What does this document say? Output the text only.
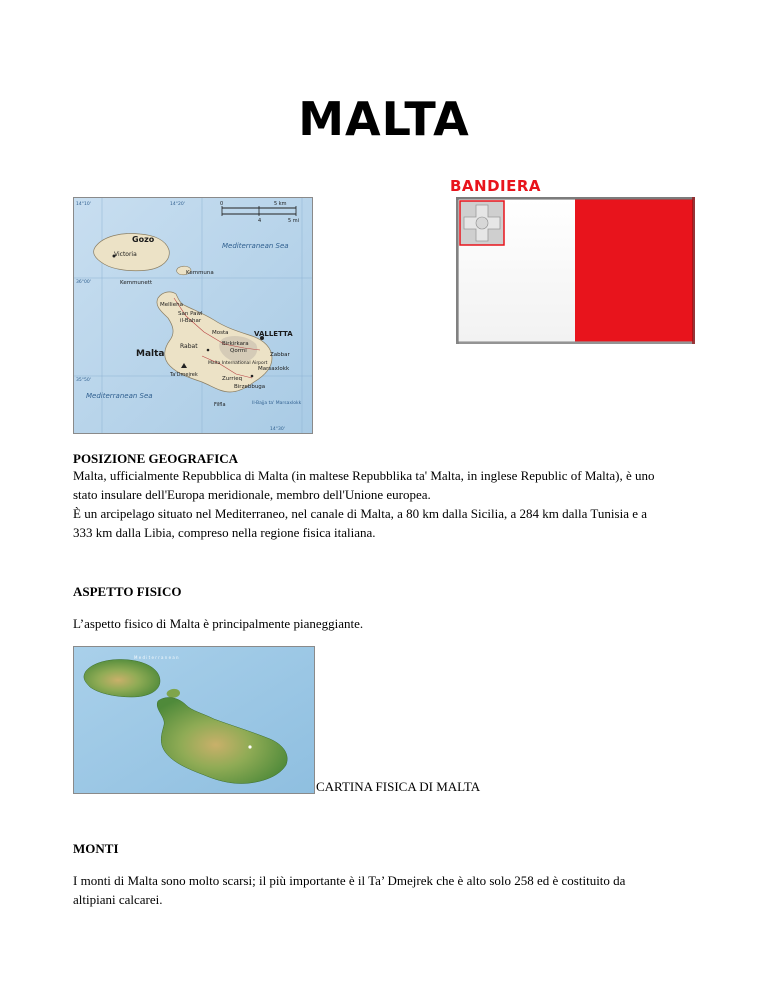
MALTA
BANDIERA
Gozo
Victoria
Kemmuna
Kemmunett
Mellieha
San Pawl
il-Bahar
Mosta	VALLETTA
Birkirkara
Qormi
Rabat
Malta	Zabbar
Marsaxlokk
Ta'Dmejrek
Malta International Airport
Zurrieq
Birzebbuga
Mediterranean Sea
Mediterranean Sea
Filfla	Il-Bajja ta' Marsaxlokk
0
4
5 km
5 mi
14°10'	14°20'
14°30'
36°00'
35°50'
POSIZIONE GEOGRAFICA
Malta, ufficialmente Repubblica di Malta (in maltese Repubblika ta' Malta, in inglese Republic of Malta), è uno
stato insulare dell'Europa meridionale, membro dell'Unione europea.
È un arcipelago situato nel Mediterraneo, nel canale di Malta, a 80 km dalla Sicilia, a 284 km dalla Tunisia e a
333 km dalla Libia, compreso nella regione fisica italiana.
ASPETTO FISICO
L’aspetto fisico di Malta è principalmente pianeggiante.
M e d i t e r r a n e a n
CARTINA FISICA DI MALTA
MONTI
I monti di Malta sono molto scarsi; il più importante è il Ta’ Dmejrek che è alto solo 258 ed è costituito da
altipiani calcarei.
